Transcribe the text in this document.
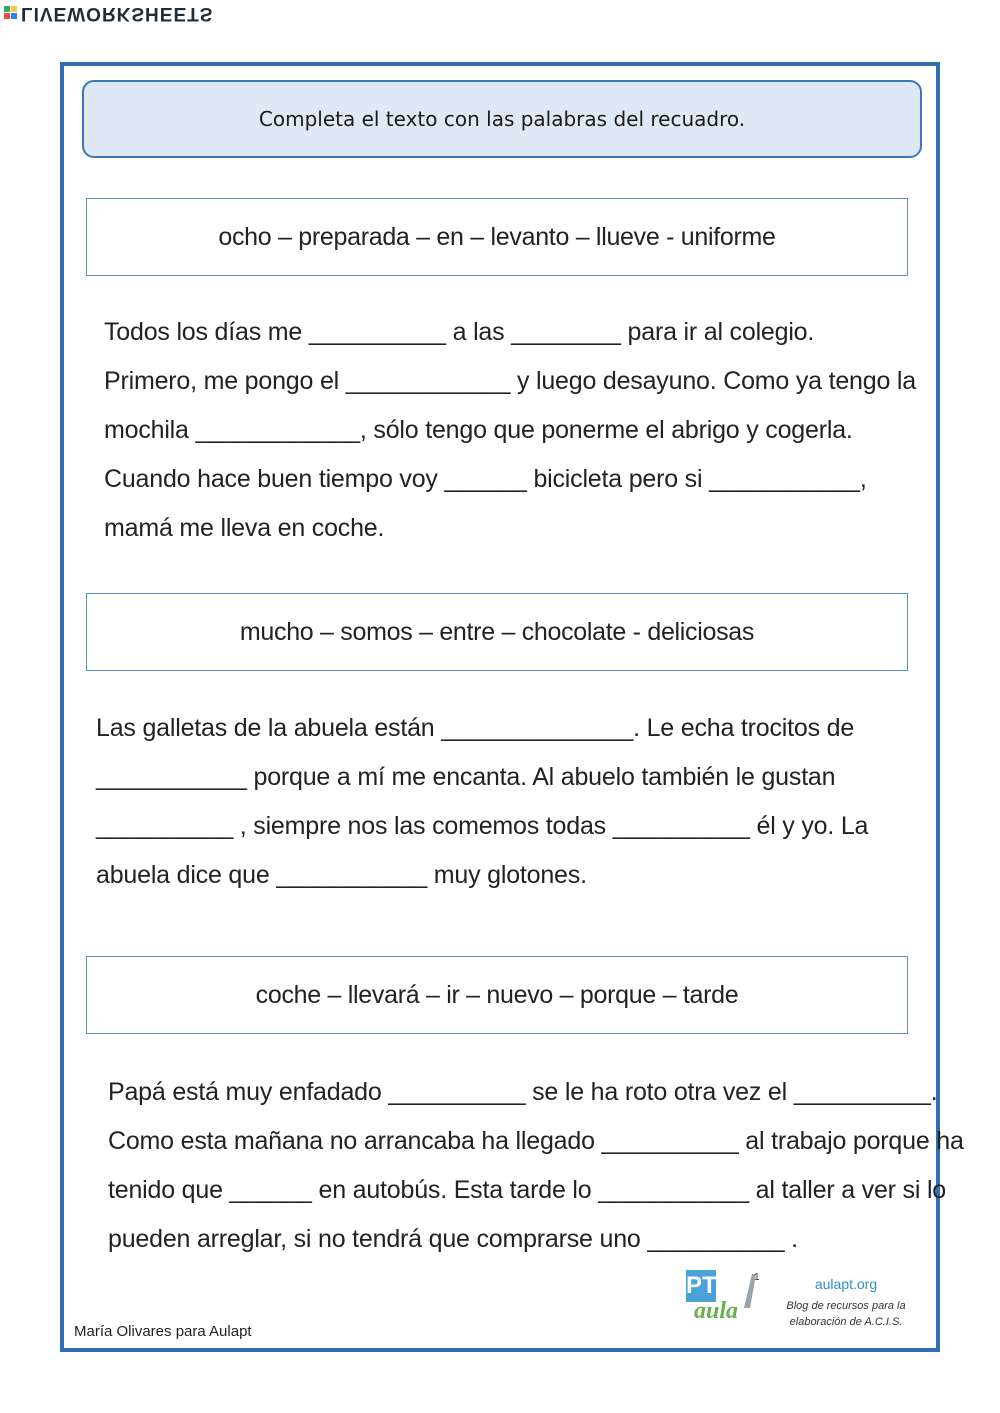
LIVEWORKSHEETS
Completa el texto con las palabras del recuadro.
ocho – preparada – en – levanto – llueve - uniforme
Todos los días me __________ a las ________ para ir al colegio.
Primero, me pongo el ____________ y luego desayuno. Como ya tengo la
mochila ____________, sólo tengo que ponerme el abrigo y cogerla.
Cuando hace buen tiempo voy ______ bicicleta pero si ___________,
mamá me lleva en coche.
mucho – somos – entre – chocolate - deliciosas
Las galletas de la abuela están ______________. Le echa trocitos de
___________ porque a mí me encanta. Al abuelo también le gustan
__________ , siempre nos las comemos todas __________ él y yo. La
abuela dice que ___________ muy glotones.
coche – llevará – ir – nuevo – porque – tarde
Papá está muy enfadado __________ se le ha roto otra vez el __________.
Como esta mañana no arrancaba ha llegado __________ al trabajo porque ha
tenido que ______ en autobús. Esta tarde lo ___________ al taller a ver si lo
pueden arreglar, si no tendrá que comprarse uno __________ .
María Olivares para Aulapt
PT	1
aula
aulapt.org
Blog de recursos para la
elaboración de A.C.I.S.
